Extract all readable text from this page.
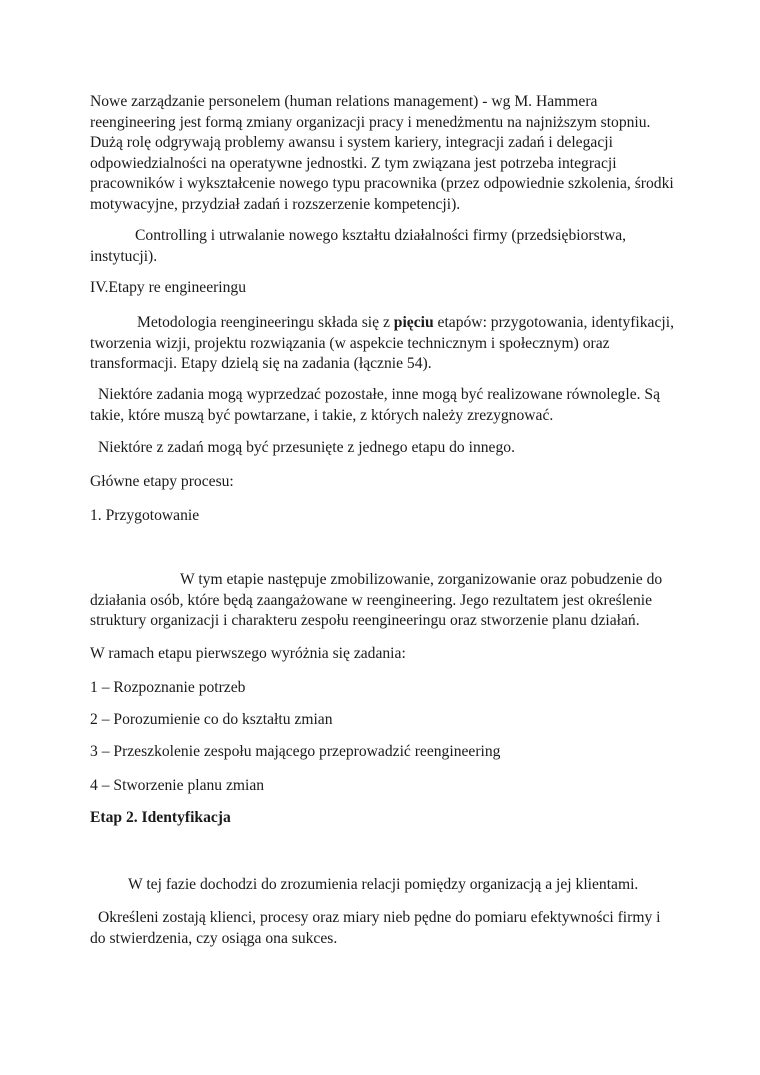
Nowe zarządzanie personelem (human relations management) - wg M. Hammera
reengineering jest formą zmiany organizacji pracy i menedżmentu na najniższym stopniu.
Dużą rolę odgrywają problemy awansu i system kariery, integracji zadań i delegacji
odpowiedzialności na operatywne jednostki. Z tym związana jest potrzeba integracji
pracowników i wykształcenie nowego typu pracownika (przez odpowiednie szkolenia, środki
motywacyjne, przydział zadań i rozszerzenie kompetencji).
Controlling i utrwalanie nowego kształtu działalności firmy (przedsiębiorstwa,
instytucji).
IV.Etapy re engineeringu
Metodologia reengineeringu składa się z pięciu etapów: przygotowania, identyfikacji,
tworzenia wizji, projektu rozwiązania (w aspekcie technicznym i społecznym) oraz
transformacji. Etapy dzielą się na zadania (łącznie 54).
Niektóre zadania mogą wyprzedzać pozostałe, inne mogą być realizowane równolegle. Są
takie, które muszą być powtarzane, i takie, z których należy zrezygnować.
Niektóre z zadań mogą być przesunięte z jednego etapu do innego.
Główne etapy procesu:
1. Przygotowanie
W tym etapie następuje zmobilizowanie, zorganizowanie oraz pobudzenie do
działania osób, które będą zaangażowane w reengineering. Jego rezultatem jest określenie
struktury organizacji i charakteru zespołu reengineeringu oraz stworzenie planu działań.
W ramach etapu pierwszego wyróżnia się zadania:
1 – Rozpoznanie potrzeb
2 – Porozumienie co do kształtu zmian
3 – Przeszkolenie zespołu mającego przeprowadzić reengineering
4 – Stworzenie planu zmian
Etap 2. Identyfikacja
W tej fazie dochodzi do zrozumienia relacji pomiędzy organizacją a jej klientami.
Określeni zostają klienci, procesy oraz miary nieb pędne do pomiaru efektywności firmy i
do stwierdzenia, czy osiąga ona sukces.
